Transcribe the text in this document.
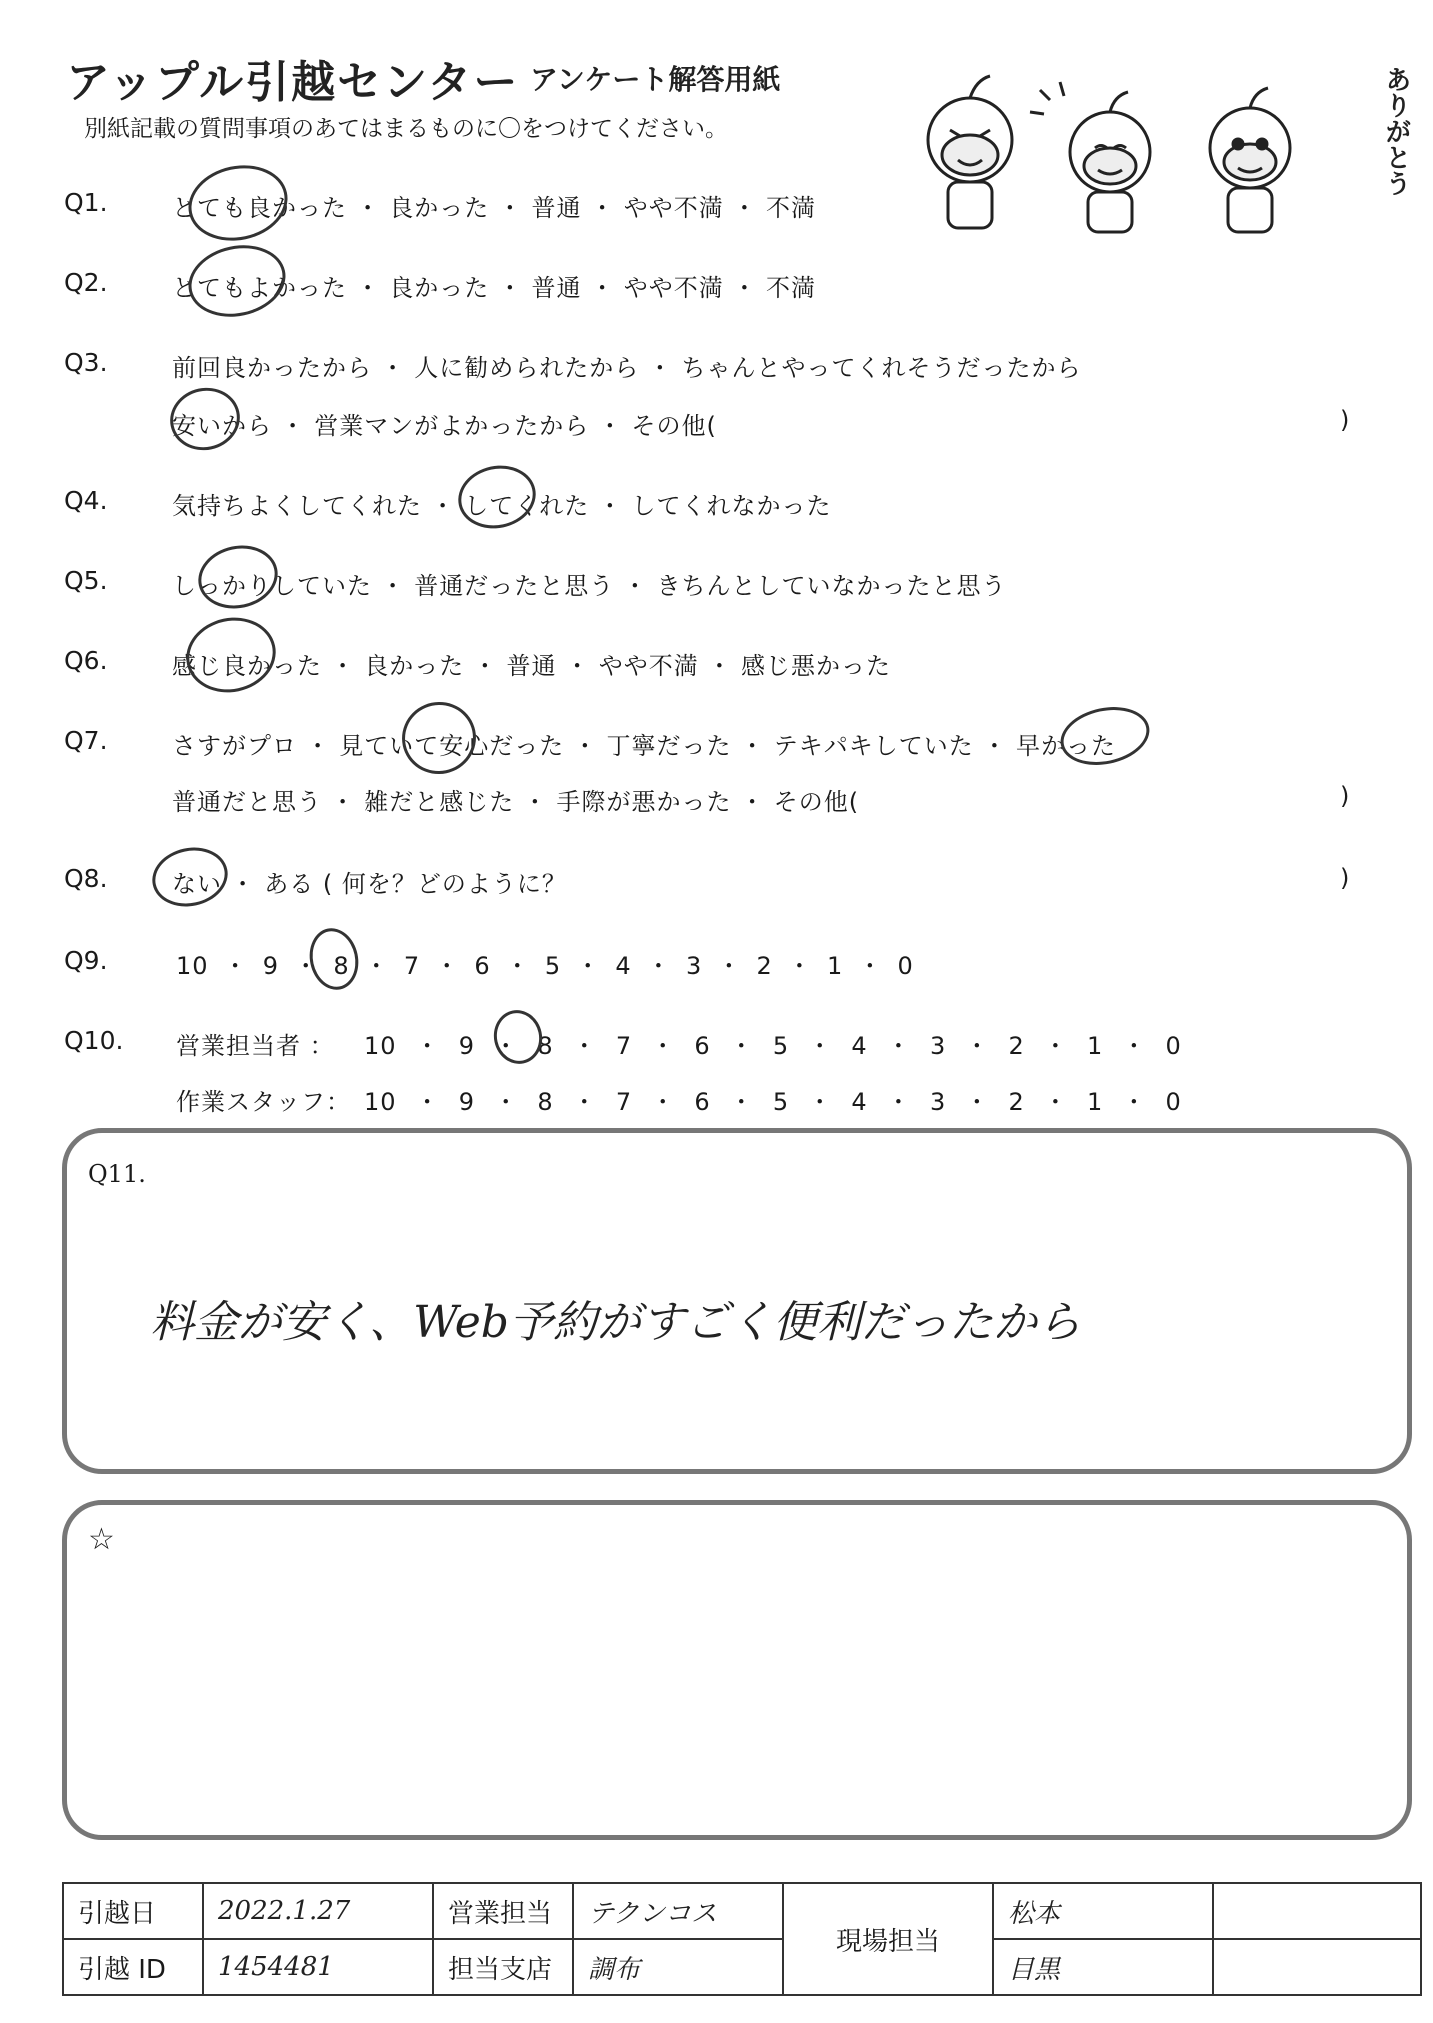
アップル引越センター アンケート解答用紙
別紙記載の質問事項のあてはまるものに〇をつけてください。	ありがとう
Q1.	とても良かった ・ 良かった ・ 普通 ・ やや不満 ・ 不満
Q2.	とてもよかった ・ 良かった ・ 普通 ・ やや不満 ・ 不満
Q3.	前回良かったから ・ 人に勧められたから ・ ちゃんとやってくれそうだったから
安いから ・ 営業マンがよかったから ・ その他(	)
Q4.	気持ちよくしてくれた ・ してくれた ・ してくれなかった
Q5.	しっかりしていた ・ 普通だったと思う ・ きちんとしていなかったと思う
Q6.	感じ良かった ・ 良かった ・ 普通 ・ やや不満 ・ 感じ悪かった
Q7.	さすがプロ ・ 見ていて安心だった ・ 丁寧だった ・ テキパキしていた ・ 早かった
普通だと思う ・ 雑だと感じた ・ 手際が悪かった ・ その他(	)
Q8.	ない ・ ある ( 何を？どのように？	)
Q9.	10 ・ 9 ・ 8 ・ 7 ・ 6 ・ 5 ・ 4 ・ 3 ・ 2 ・ 1 ・ 0
Q10. 営業担当者 ： 10 ・ 9 ・ 8 ・ 7 ・ 6 ・ 5 ・ 4 ・ 3 ・ 2 ・ 1 ・ 0
作業スタッフ： 10 ・ 9 ・ 8 ・ 7 ・ 6 ・ 5 ・ 4 ・ 3 ・ 2 ・ 1 ・ 0
Q11.
料金が安く、Web予約がすごく便利だったから
☆
引越日	2022.1.27	営業担当	テクンコス	現場担当	松本	
引越 ID	1454481	担当支店	調布		目黒	
